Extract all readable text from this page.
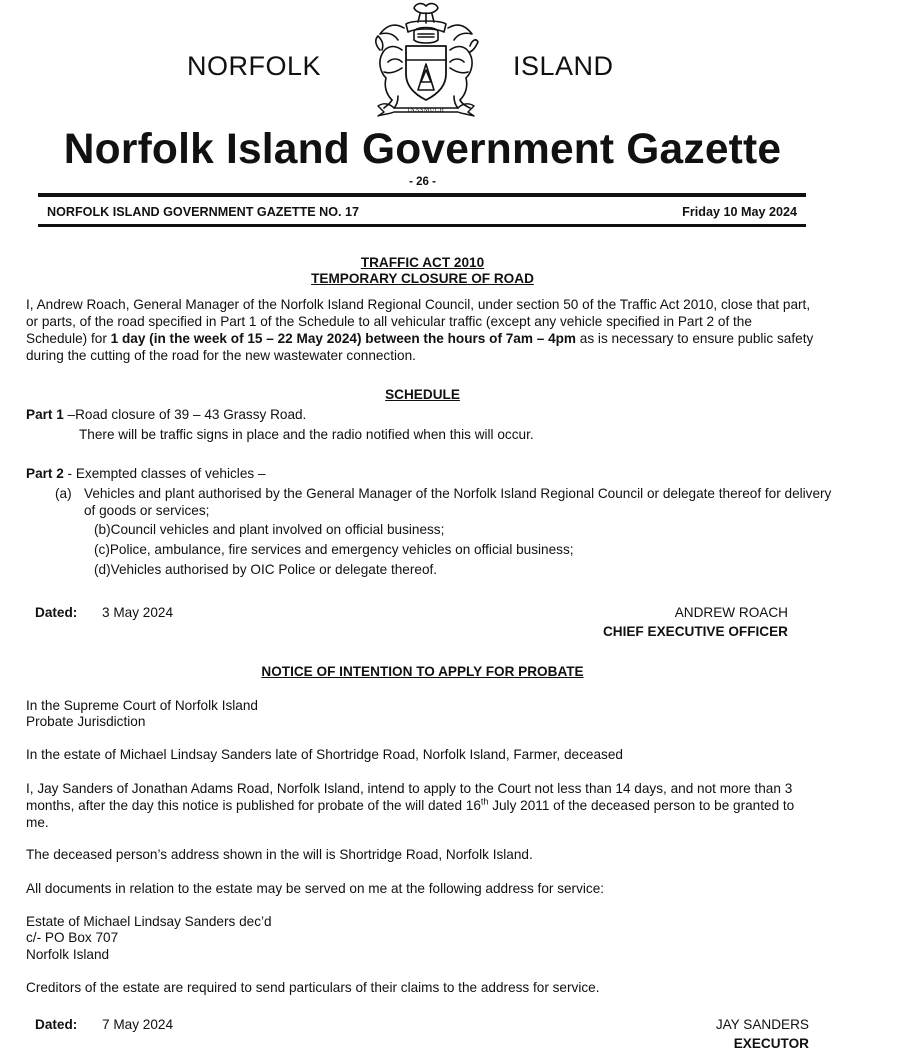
NORFOLK	ISLAND
INASMUCH
Norfolk Island Government Gazette
- 26 -
NORFOLK ISLAND GOVERNMENT GAZETTE NO. 17	Friday 10 May 2024
TRAFFIC ACT 2010
TEMPORARY CLOSURE OF ROAD
I, Andrew Roach, General Manager of the Norfolk Island Regional Council, under section 50 of the Traffic Act 2010, close that part, or parts, of the road specified in Part 1 of the Schedule to all vehicular traffic (except any vehicle specified in Part 2 of the Schedule) for 1 day (in the week of 15 – 22 May 2024) between the hours of 7am – 4pm as is necessary to ensure public safety during the cutting of the road for the new wastewater connection.
SCHEDULE
Part 1 –Road closure of 39 – 43 Grassy Road.
There will be traffic signs in place and the radio notified when this will occur.
Part 2 - Exempted classes of vehicles –
(a) Vehicles and plant authorised by the General Manager of the Norfolk Island Regional Council or delegate thereof for delivery of goods or services;
(b)Council vehicles and plant involved on official business;
(c)Police, ambulance, fire services and emergency vehicles on official business;
(d)Vehicles authorised by OIC Police or delegate thereof.
Dated: 3 May 2024	ANDREW ROACH
CHIEF EXECUTIVE OFFICER
NOTICE OF INTENTION TO APPLY FOR PROBATE
In the Supreme Court of Norfolk Island
Probate Jurisdiction
In the estate of Michael Lindsay Sanders late of Shortridge Road, Norfolk Island, Farmer, deceased
I, Jay Sanders of Jonathan Adams Road, Norfolk Island, intend to apply to the Court not less than 14 days, and not more than 3 months, after the day this notice is published for probate of the will dated 16th July 2011 of the deceased person to be granted to me.
The deceased person’s address shown in the will is Shortridge Road, Norfolk Island.
All documents in relation to the estate may be served on me at the following address for service:
Estate of Michael Lindsay Sanders dec’d
c/- PO Box 707
Norfolk Island
Creditors of the estate are required to send particulars of their claims to the address for service.
Dated: 7 May 2024	JAY SANDERS
EXECUTOR
